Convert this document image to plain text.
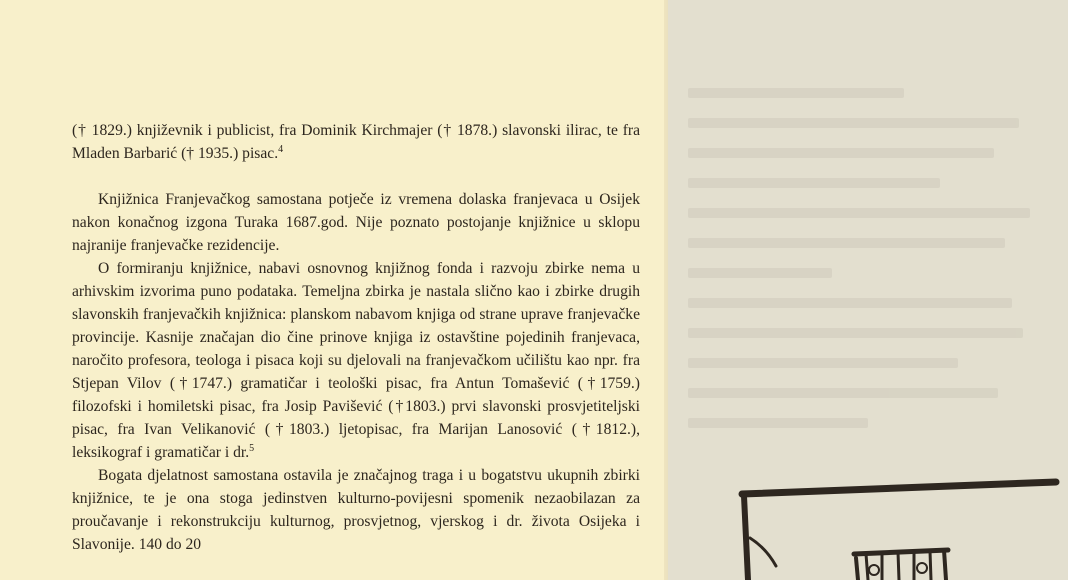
(† 1829.) književnik i publicist, fra Dominik Kirchmajer († 1878.) slavonski ilirac, te fra Mladen Barbarić († 1935.) pisac.$^4$

Knjižnica Franjevačkog samostana potječe iz vremena dolaska franjevaca u Osijek nakon konačnog izgona Turaka 1687.god. Nije poznato postojanje knjižnice u sklopu najranije franjevačke rezidencije.

O formiranju knjižnice, nabavi osnovnog knjižnog fonda i razvoju zbirke nema u arhivskim izvorima puno podataka. Temeljna zbirka je nastala slično kao i zbirke drugih slavonskih franjevačkih knjižnica: planskom nabavom knjiga od strane uprave franjevačke provincije. Kasnije značajan dio čine prinove knjiga iz ostavštine pojedinih franjevaca, naročito profesora, teologa i pisaca koji su djelovali na franjevačkom učilištu kao npr. fra Stjepan Vilov (†1747.) gramatičar i teološki pisac, fra Antun Tomašević (†1759.) filozofski i homiletski pisac, fra Josip Pavišević (†1803.) prvi slavonski prosvjetiteljski pisac, fra Ivan Velikanović (†1803.) ljetopisac, fra Marijan Lanosović (†1812.), leksikograf i gramatičar i dr.$^5$

Bogata djelatnost samostana ostavila je značajnog traga i u bogatstvu ukupnih zbirki knjižnice, te je ona stoga jedinstven kulturno-povijesni spomenik nezaobilazan za proučavanje i rekonstrukciju kulturnog, prosvjetnog, vjerskog i dr. života Osijeka i Slavonije. 140 do 20
